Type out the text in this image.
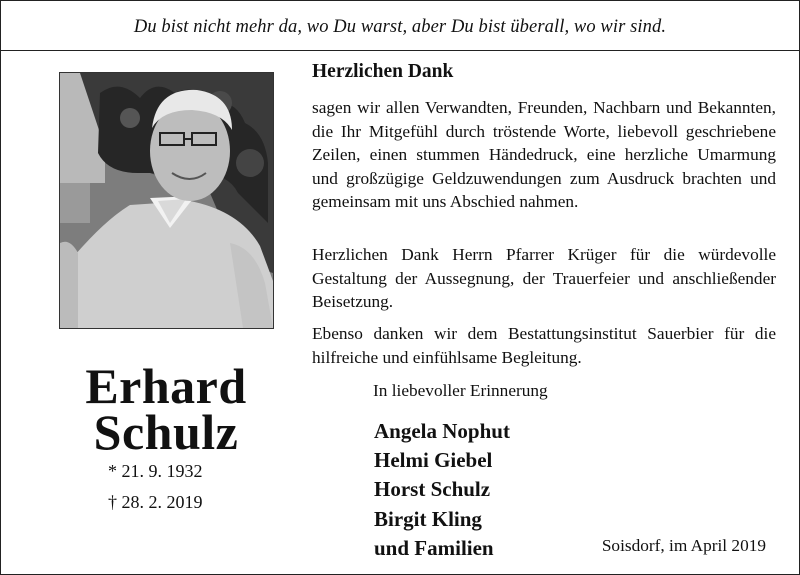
Du bist nicht mehr da, wo Du warst, aber Du bist überall, wo wir sind.
Erhard
Schulz
* 21. 9. 1932
† 28. 2. 2019
Herzlichen Dank
sagen wir allen Verwandten, Freunden, Nachbarn und Bekannten, die Ihr Mitgefühl durch tröstende Worte, liebevoll geschriebene Zeilen, einen stummen Händedruck, eine herzliche Umarmung und großzügige Geldzuwendungen zum Ausdruck brachten und gemeinsam mit uns Abschied nahmen.
Herzlichen Dank Herrn Pfarrer Krüger für die würdevolle Gestaltung der Aussegnung, der Trauerfeier und anschließender Beisetzung.
Ebenso danken wir dem Bestattungsinstitut Sauerbier für die hilfreiche und einfühlsame Begleitung.
In liebevoller Erinnerung
Angela Nophut
Helmi Giebel
Horst Schulz
Birgit Kling
und Familien	Soisdorf, im April 2019
